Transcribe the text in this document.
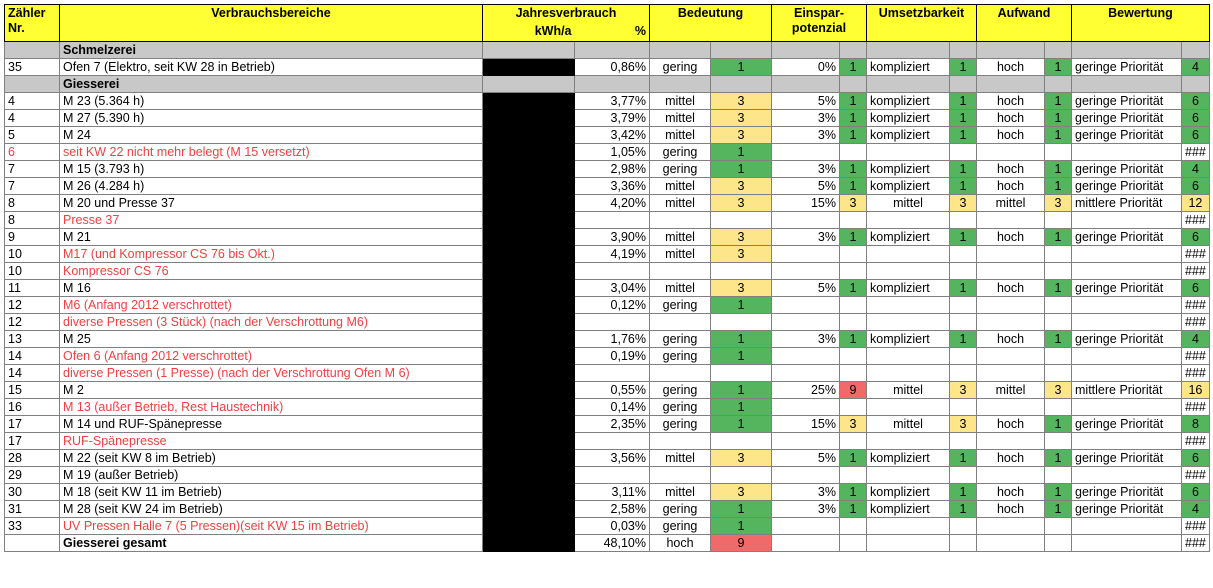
Zähler
Nr.	Verbrauchsbereiche	Jahresverbrauch		Bedeutung		Einspar-
potenzial		Umsetzbarkeit		Aufwand		Bewertung	
		kWh/a	%										
	Schmelzerei												
35	Ofen 7 (Elektro, seit KW 28 in Betrieb)		0,86%	gering	1	0%	1	kompliziert	1	hoch	1	geringe Priorität	4
	Giesserei												
4	M 23 (5.364 h)		3,77%	mittel	3	5%	1	kompliziert	1	hoch	1	geringe Priorität	6
4	M 27 (5.390 h)		3,79%	mittel	3	3%	1	kompliziert	1	hoch	1	geringe Priorität	6
5	M 24		3,42%	mittel	3	3%	1	kompliziert	1	hoch	1	geringe Priorität	6
6	seit KW 22 nicht mehr belegt (M 15 versetzt)		1,05%	gering	1								###
7	M 15 (3.793 h)		2,98%	gering	1	3%	1	kompliziert	1	hoch	1	geringe Priorität	4
7	M 26 (4.284 h)		3,36%	mittel	3	5%	1	kompliziert	1	hoch	1	geringe Priorität	6
8	M 20 und Presse 37		4,20%	mittel	3	15%	3	mittel	3	mittel	3	mittlere Priorität	12
8	Presse 37												###
9	M 21		3,90%	mittel	3	3%	1	kompliziert	1	hoch	1	geringe Priorität	6
10	M17 (und Kompressor CS 76 bis Okt.)		4,19%	mittel	3								###
10	Kompressor CS 76												###
11	M 16		3,04%	mittel	3	5%	1	kompliziert	1	hoch	1	geringe Priorität	6
12	M6 (Anfang 2012 verschrottet)		0,12%	gering	1								###
12	diverse Pressen (3 Stück) (nach der Verschrottung M6)												###
13	M 25		1,76%	gering	1	3%	1	kompliziert	1	hoch	1	geringe Priorität	4
14	Ofen 6 (Anfang 2012 verschrottet)		0,19%	gering	1								###
14	diverse Pressen (1 Presse) (nach der Verschrottung Ofen M 6)												###
15	M 2		0,55%	gering	1	25%	9	mittel	3	mittel	3	mittlere Priorität	16
16	M 13 (außer Betrieb, Rest Haustechnik)		0,14%	gering	1								###
17	M 14 und RUF-Spänepresse		2,35%	gering	1	15%	3	mittel	3	hoch	1	geringe Priorität	8
17	RUF-Spänepresse												###
28	M 22 (seit KW 8 im Betrieb)		3,56%	mittel	3	5%	1	kompliziert	1	hoch	1	geringe Priorität	6
29	M 19 (außer Betrieb)												###
30	M 18 (seit KW 11 im Betrieb)		3,11%	mittel	3	3%	1	kompliziert	1	hoch	1	geringe Priorität	6
31	M 28 (seit KW 24 im Betrieb)		2,58%	gering	1	3%	1	kompliziert	1	hoch	1	geringe Priorität	4
33	UV Pressen Halle 7 (5 Pressen)(seit KW 15 im Betrieb)		0,03%	gering	1								###
	Giesserei gesamt		48,10%	hoch	9								###
